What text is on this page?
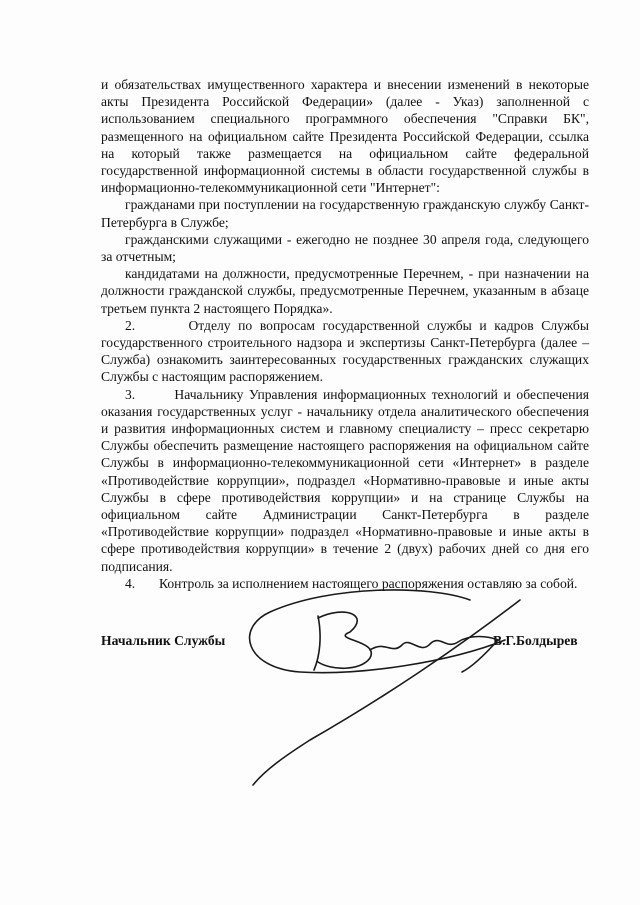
и обязательствах имущественного характера и внесении изменений в некоторые акты Президента Российской Федерации» (далее - Указ) заполненной с использованием специального программного обеспечения "Справки БК", размещенного на официальном сайте Президента Российской Федерации, ссылка на который также размещается на официальном сайте федеральной государственной информационной системы в области государственной службы в информационно-телекоммуникационной сети "Интернет":

гражданами при поступлении на государственную гражданскую службу Санкт-Петербурга в Службе;

гражданскими служащими - ежегодно не позднее 30 апреля года, следующего за отчетным;

кандидатами на должности, предусмотренные Перечнем, - при назначении на должности гражданской службы, предусмотренные Перечнем, указанным в абзаце третьем пункта 2 настоящего Порядка».

2.       Отделу по вопросам государственной службы и кадров Службы государственного строительного надзора и экспертизы Санкт-Петербурга (далее – Служба) ознакомить заинтересованных государственных гражданских служащих Службы с настоящим распоряжением.

3.       Начальнику Управления информационных технологий и обеспечения оказания государственных услуг - начальнику отдела аналитического обеспечения и развития информационных систем и главному специалисту – пресс секретарю Службы обеспечить размещение настоящего распоряжения на официальном сайте Службы в информационно-телекоммуникационной сети «Интернет» в разделе «Противодействие коррупции», подраздел «Нормативно-правовые и иные акты Службы в сфере противодействия коррупции» и на странице Службы на официальном сайте Администрации Санкт-Петербурга в разделе «Противодействие коррупции» подраздел «Нормативно-правовые и иные акты в сфере противодействия коррупции» в течение 2 (двух) рабочих дней со дня его подписания.

4.       Контроль за исполнением настоящего распоряжения оставляю за собой.

Начальник Службы	В.Г.Болдырев
